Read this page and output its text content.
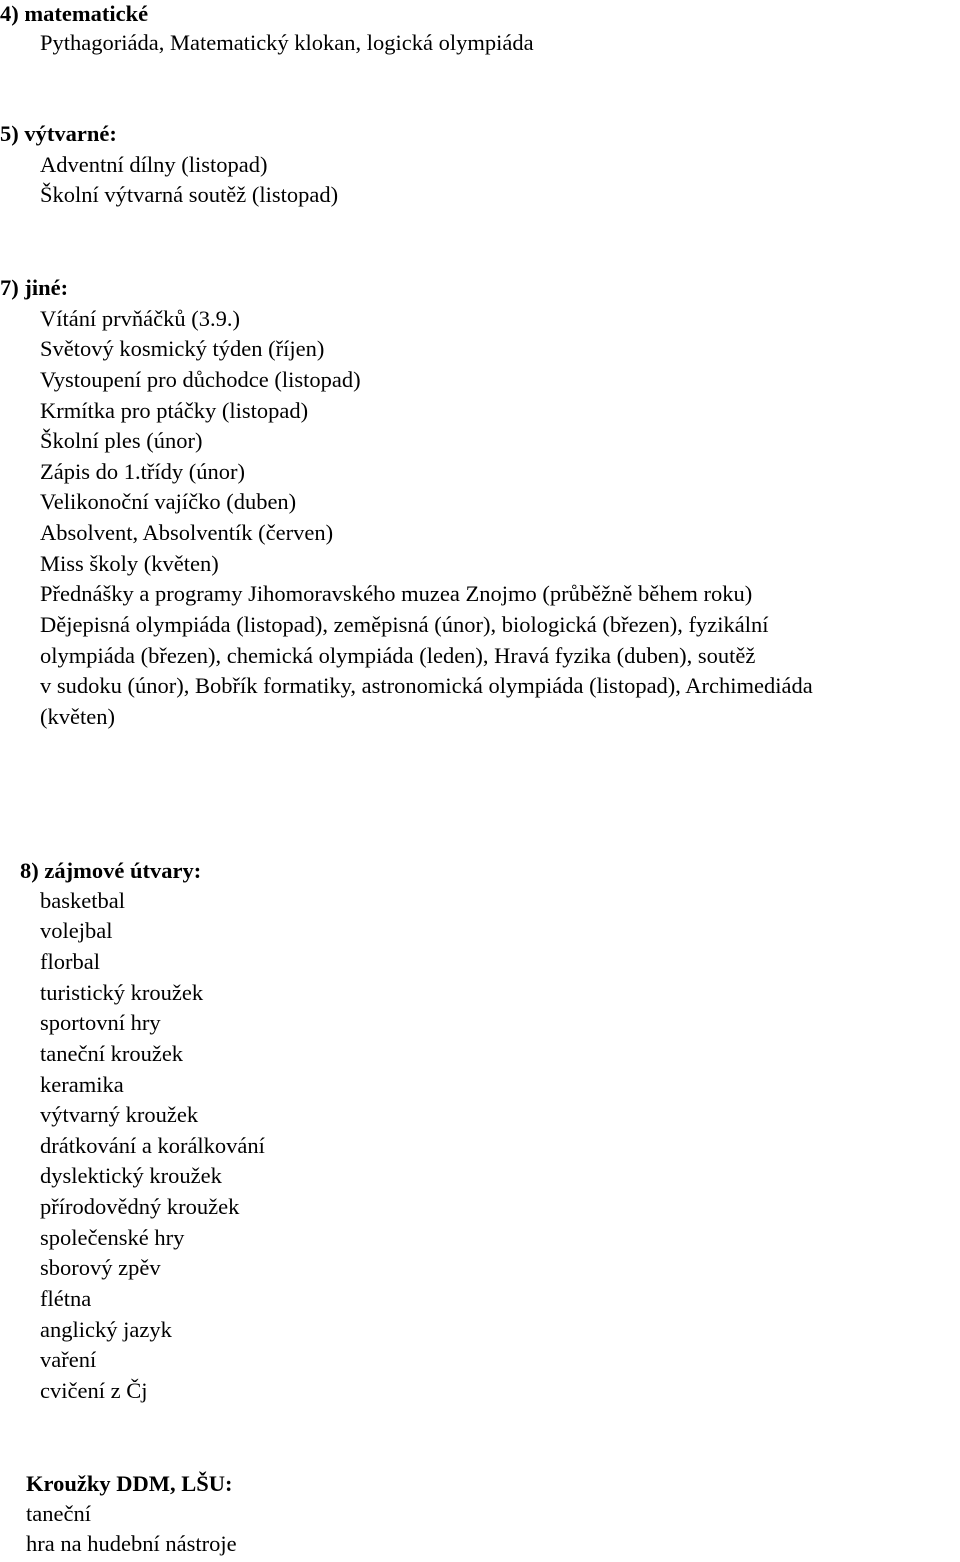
4) matematické
Pythagoriáda, Matematický klokan, logická olympiáda
5) výtvarné:
Adventní dílny (listopad)
Školní výtvarná soutěž (listopad)
7) jiné:
Vítání prvňáčků (3.9.)
Světový kosmický týden (říjen)
Vystoupení pro důchodce (listopad)
Krmítka pro ptáčky (listopad)
Školní ples (únor)
Zápis do 1.třídy (únor)
Velikonoční vajíčko (duben)
Absolvent, Absolventík (červen)
Miss školy (květen)
Přednášky a programy Jihomoravského muzea Znojmo (průběžně během roku)
Dějepisná olympiáda (listopad), zeměpisná (únor), biologická (březen), fyzikální
olympiáda (březen), chemická olympiáda (leden), Hravá fyzika (duben), soutěž
v sudoku (únor), Bobřík formatiky, astronomická olympiáda (listopad), Archimediáda
(květen)
8) zájmové útvary:
basketbal
volejbal
florbal
turistický kroužek
sportovní hry
taneční kroužek
keramika
výtvarný kroužek
drátkování a korálkování
dyslektický kroužek
přírodovědný kroužek
společenské hry
sborový zpěv
flétna
anglický jazyk
vaření
cvičení z Čj
Kroužky DDM, LŠU:
taneční
hra na hudební nástroje
